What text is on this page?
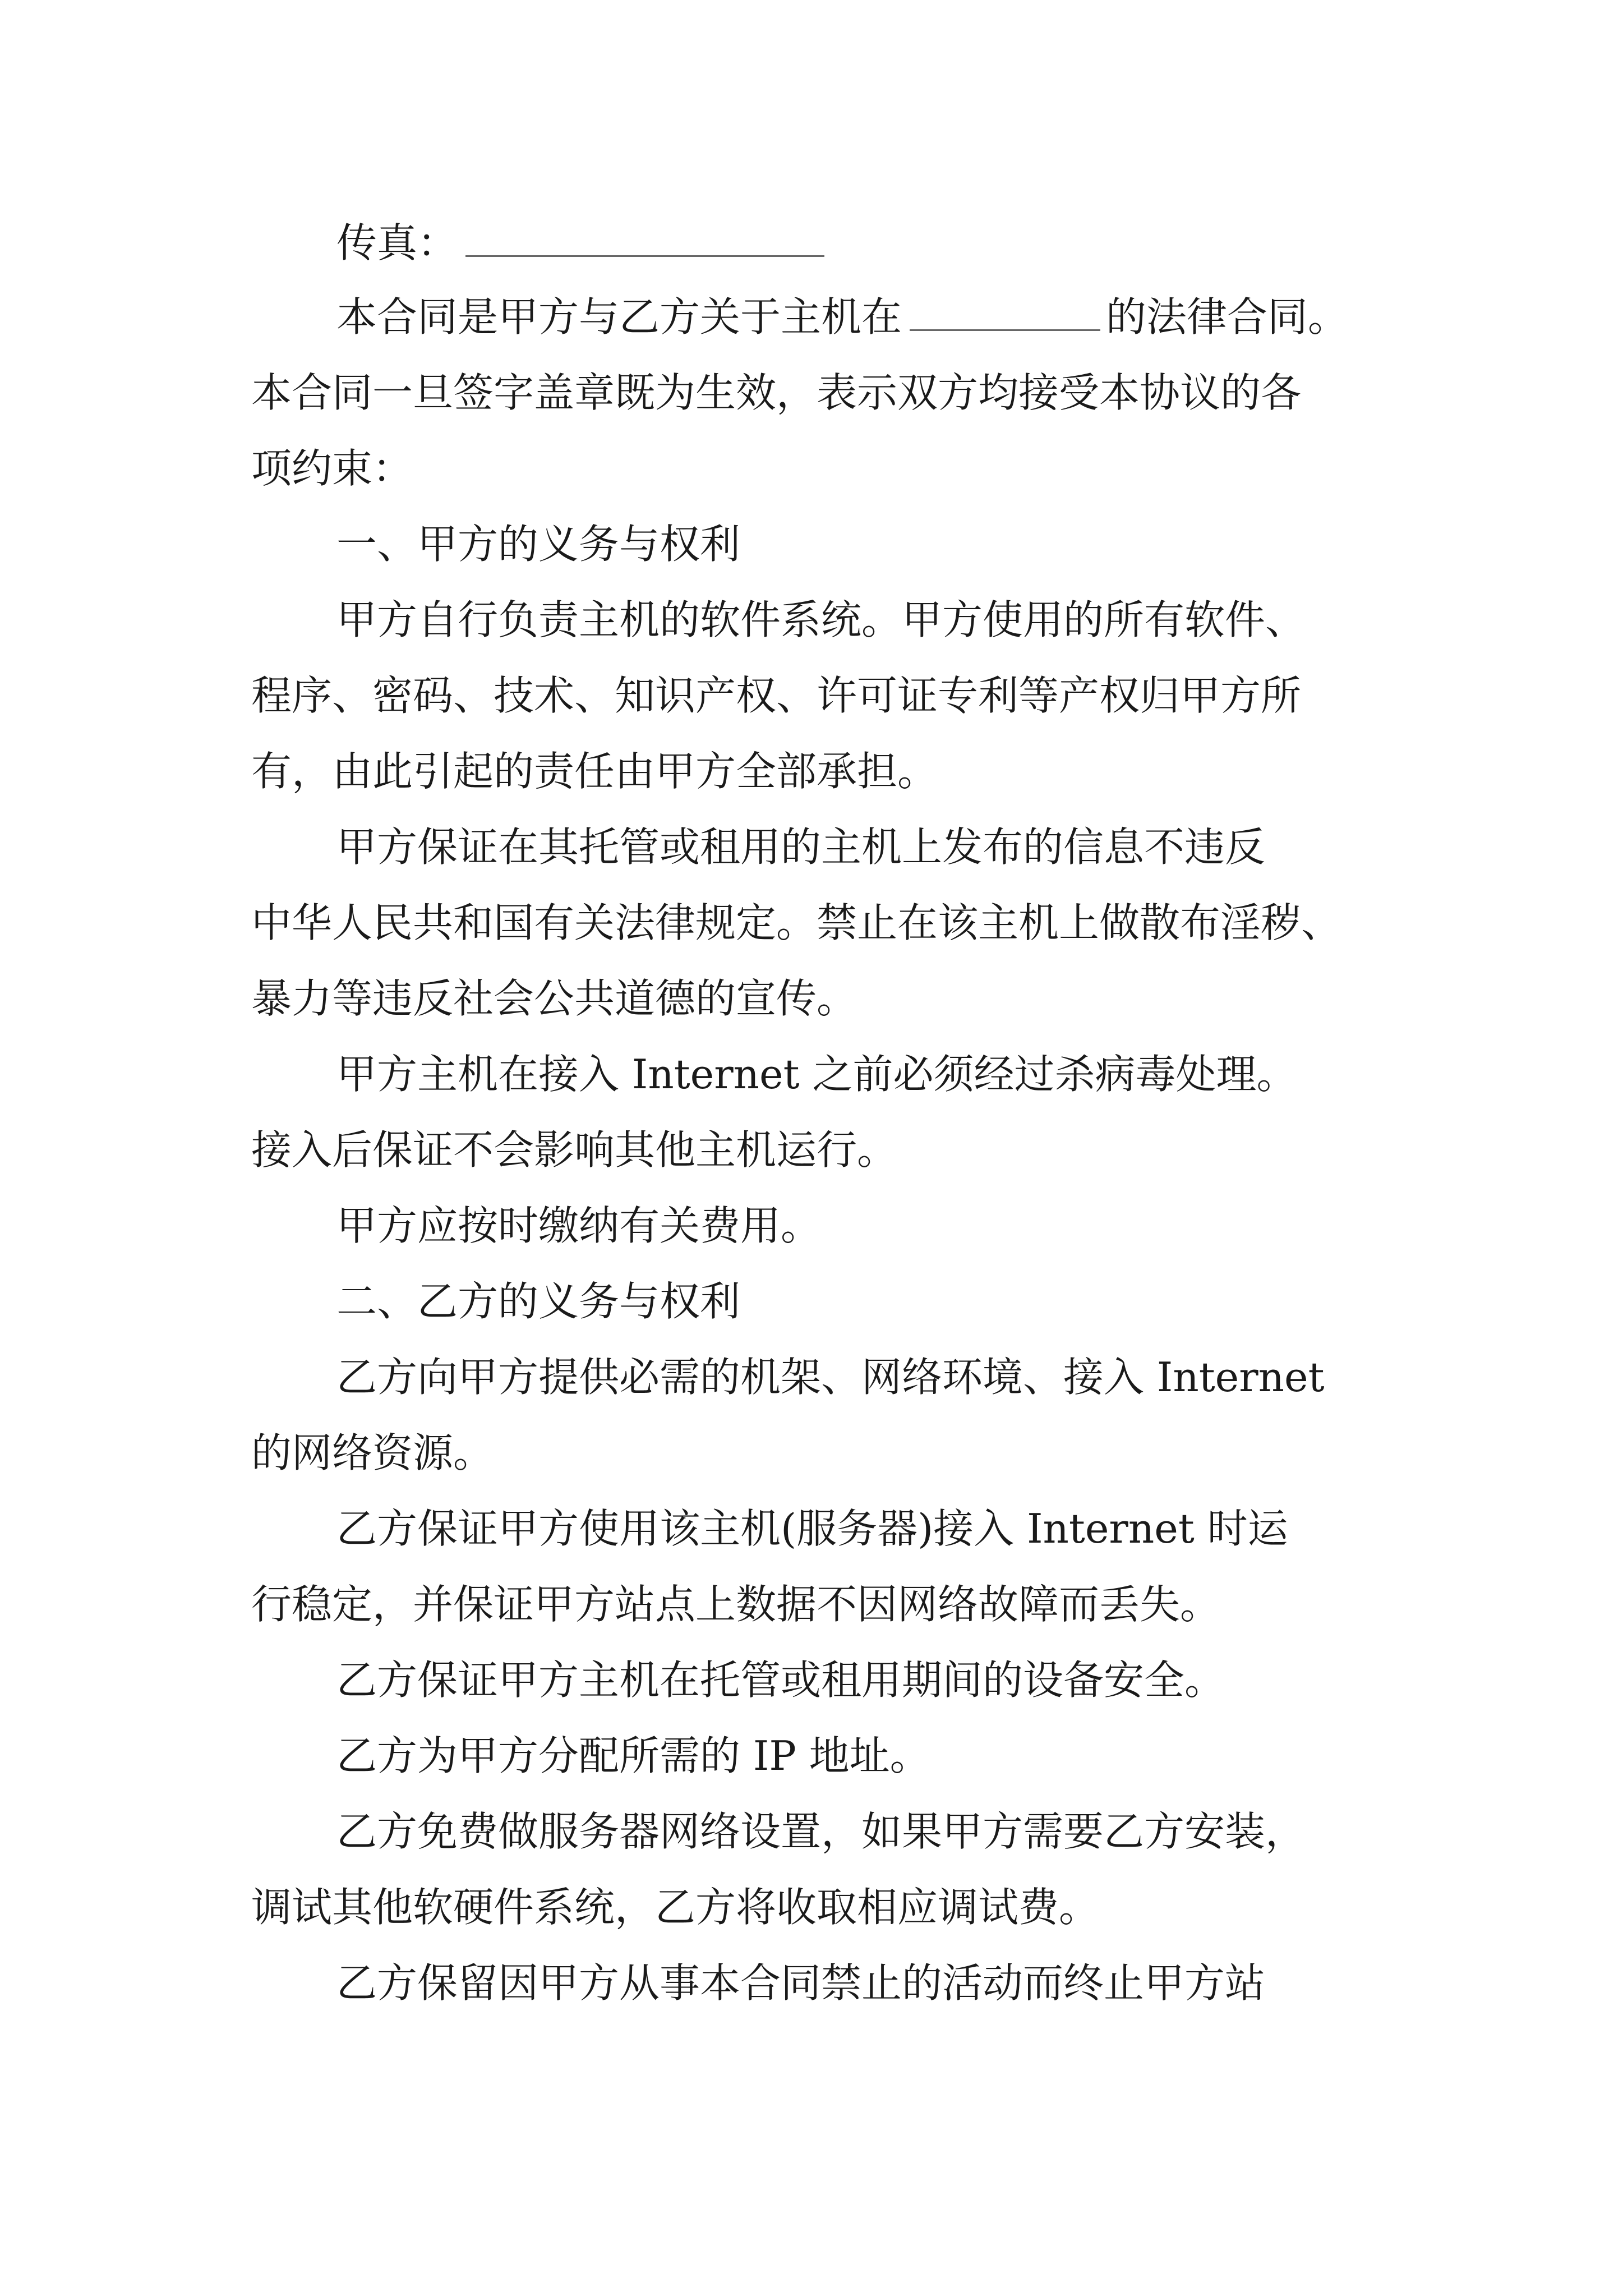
传真：
本合同是甲方与乙方关于主机在	的法律合同。
本合同一旦签字盖章既为生效，表示双方均接受本协议的各
项约束：
一、甲方的义务与权利
甲方自行负责主机的软件系统。甲方使用的所有软件、
程序、密码、技术、知识产权、许可证专利等产权归甲方所
有，由此引起的责任由甲方全部承担。
甲方保证在其托管或租用的主机上发布的信息不违反
中华人民共和国有关法律规定。禁止在该主机上做散布淫秽、
暴力等违反社会公共道德的宣传。
甲方主机在接入 Internet 之前必须经过杀病毒处理。
接入后保证不会影响其他主机运行。
甲方应按时缴纳有关费用。
二、乙方的义务与权利
乙方向甲方提供必需的机架、网络环境、接入 Internet
的网络资源。
乙方保证甲方使用该主机(服务器)接入 Internet 时运
行稳定，并保证甲方站点上数据不因网络故障而丢失。
乙方保证甲方主机在托管或租用期间的设备安全。
乙方为甲方分配所需的 IP 地址。
乙方免费做服务器网络设置，如果甲方需要乙方安装，
调试其他软硬件系统，乙方将收取相应调试费。
乙方保留因甲方从事本合同禁止的活动而终止甲方站
